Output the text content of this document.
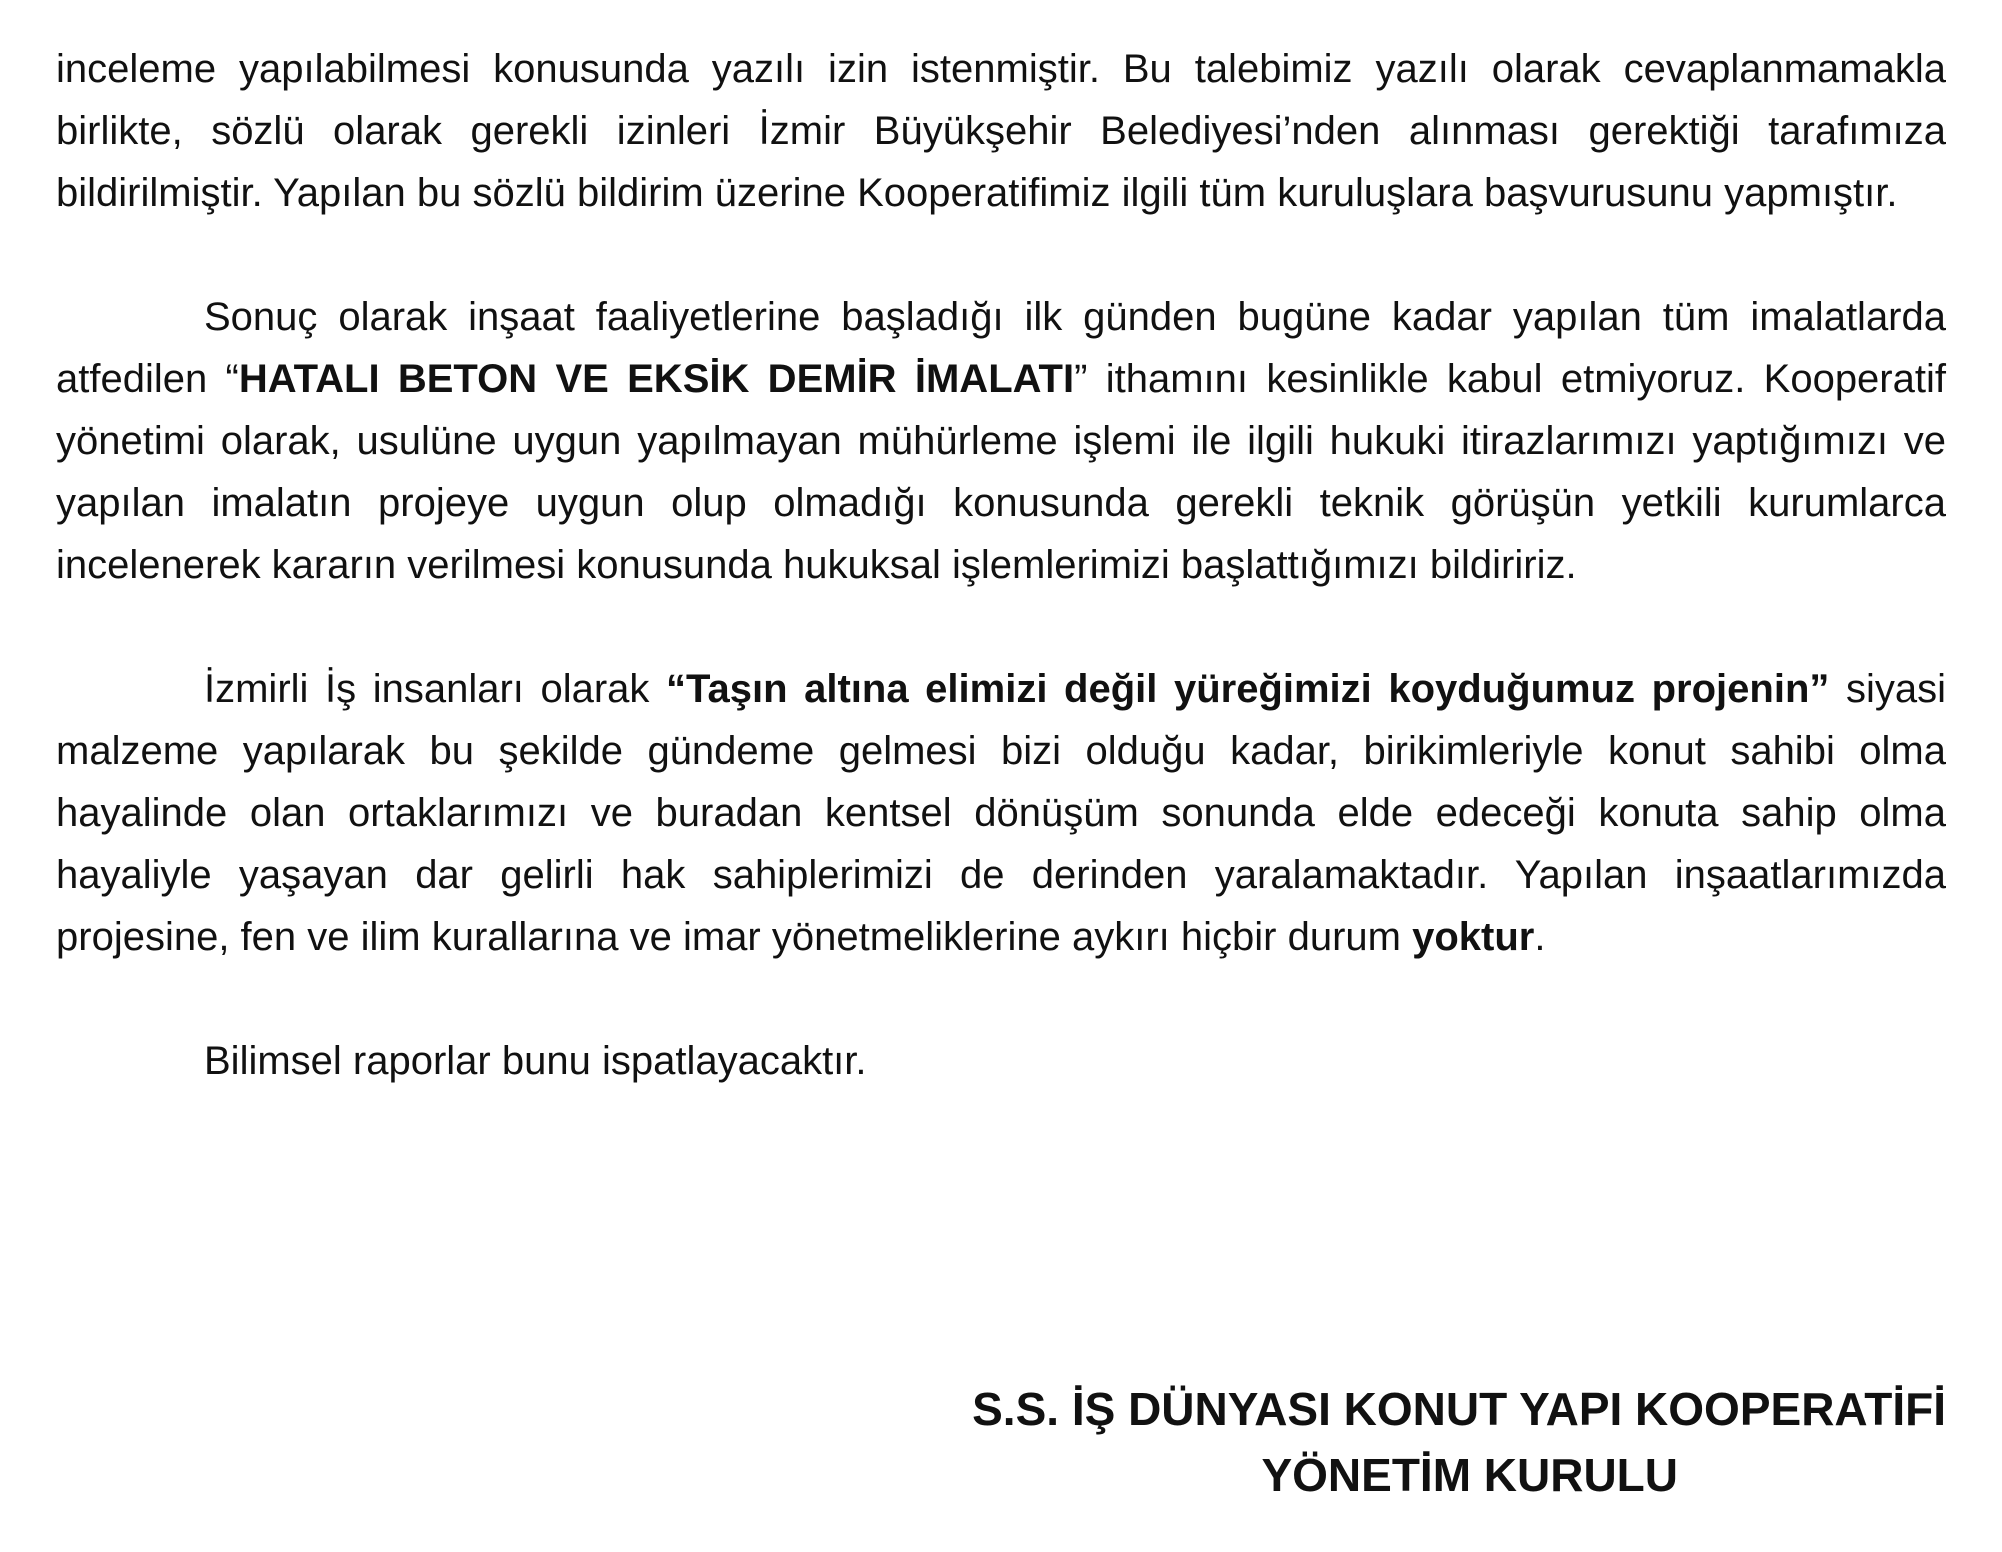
inceleme yapılabilmesi konusunda yazılı izin istenmiştir. Bu talebimiz yazılı olarak cevaplanmamakla birlikte, sözlü olarak gerekli izinleri İzmir Büyükşehir Belediyesi’nden alınması gerektiği tarafımıza bildirilmiştir. Yapılan bu sözlü bildirim üzerine Kooperatifimiz ilgili tüm kuruluşlara başvurusunu yapmıştır.

Sonuç olarak inşaat faaliyetlerine başladığı ilk günden bugüne kadar yapılan tüm imalatlarda atfedilen “HATALI BETON VE EKSİK DEMİR İMALATI” ithamını kesinlikle kabul etmiyoruz. Kooperatif yönetimi olarak, usulüne uygun yapılmayan mühürleme işlemi ile ilgili hukuki itirazlarımızı yaptığımızı ve yapılan imalatın projeye uygun olup olmadığı konusunda gerekli teknik görüşün yetkili kurumlarca incelenerek kararın verilmesi konusunda hukuksal işlemlerimizi başlattığımızı bildiririz.

İzmirli İş insanları olarak “Taşın altına elimizi değil yüreğimizi koyduğumuz projenin” siyasi malzeme yapılarak bu şekilde gündeme gelmesi bizi olduğu kadar, birikimleriyle konut sahibi olma hayalinde olan ortaklarımızı ve buradan kentsel dönüşüm sonunda elde edeceği konuta sahip olma hayaliyle yaşayan dar gelirli hak sahiplerimizi de derinden yaralamaktadır. Yapılan inşaatlarımızda projesine, fen ve ilim kurallarına ve imar yönetmeliklerine aykırı hiçbir durum yoktur.

Bilimsel raporlar bunu ispatlayacaktır.

S.S. İŞ DÜNYASI KONUT YAPI KOOPERATİFİ
YÖNETİM KURULU
